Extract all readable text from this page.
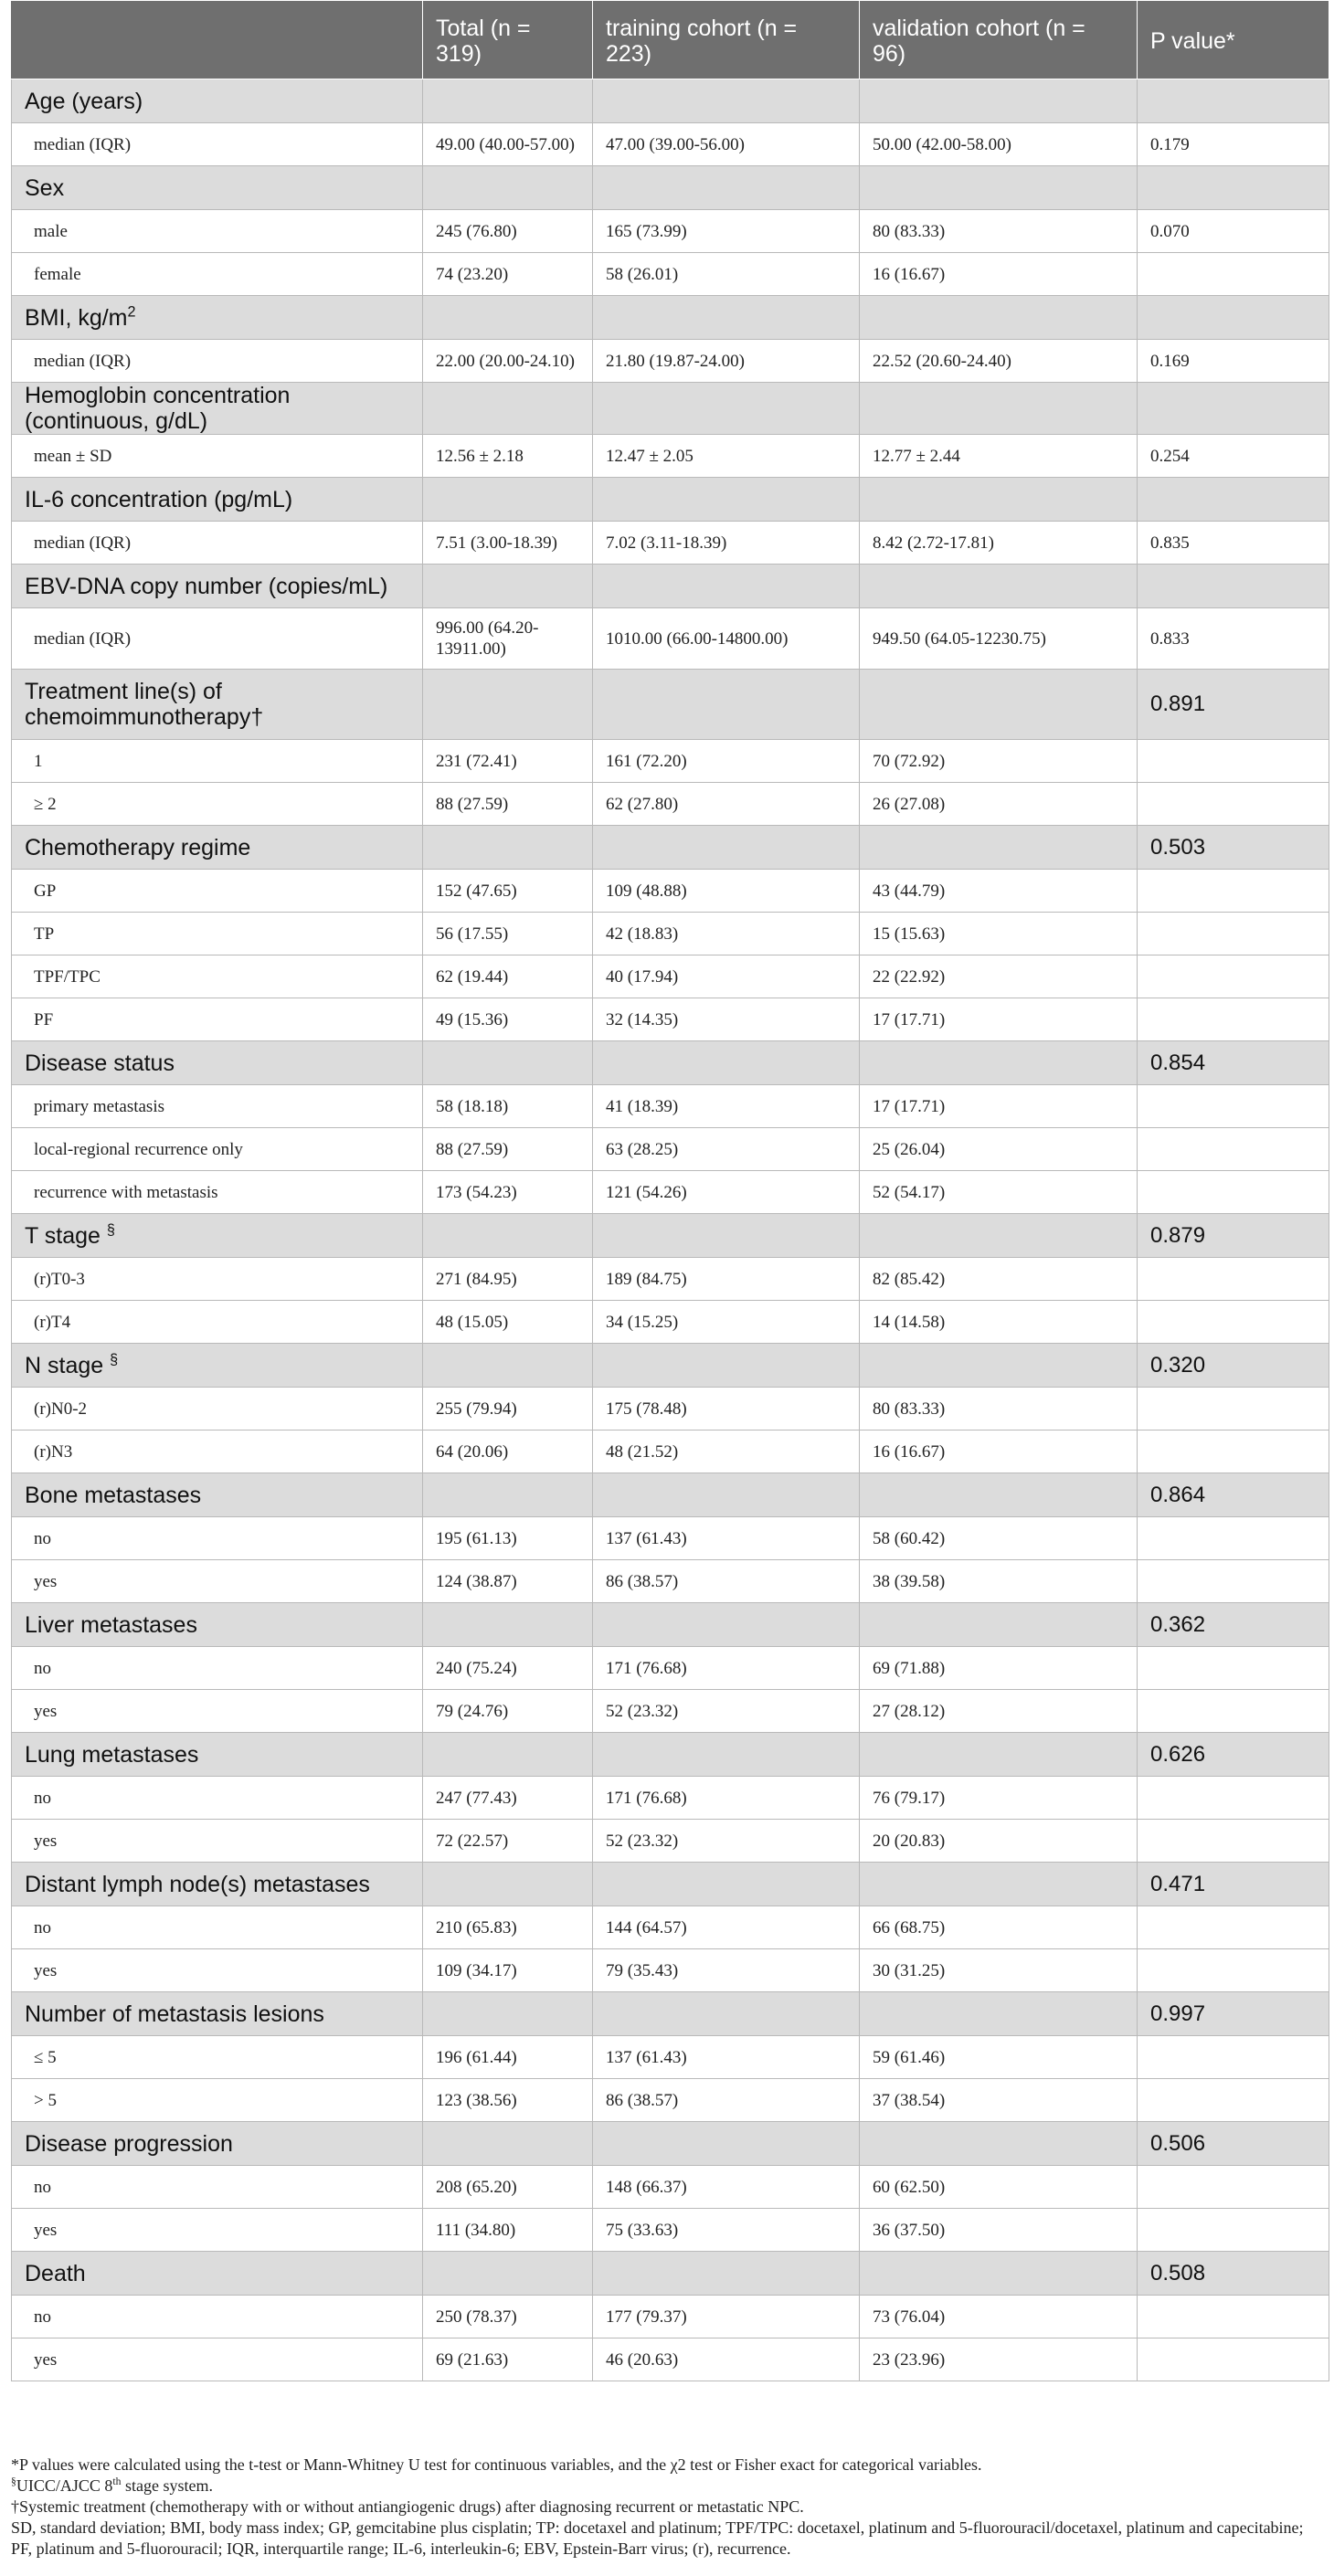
	Total (n = 319)	training cohort (n = 223)	validation cohort (n = 96)	P value*
Age (years)				
median (IQR)	49.00 (40.00-57.00)	47.00 (39.00-56.00)	50.00 (42.00-58.00)	0.179
Sex				
male	245 (76.80)	165 (73.99)	80 (83.33)	0.070
female	74 (23.20)	58 (26.01)	16 (16.67)	
BMI, $kg/m^2$				
median (IQR)	22.00 (20.00-24.10)	21.80 (19.87-24.00)	22.52 (20.60-24.40)	0.169
Hemoglobin concentration (continuous, g/dL)				
mean ± SD	12.56 ± 2.18	12.47 ± 2.05	12.77 ± 2.44	0.254
IL-6 concentration (pg/mL)				
median (IQR)	7.51 (3.00-18.39)	7.02 (3.11-18.39)	8.42 (2.72-17.81)	0.835
EBV-DNA copy number (copies/mL)				
median (IQR)	996.00 (64.20-13911.00)	1010.00 (66.00-14800.00)	949.50 (64.05-12230.75)	0.833
Treatment line(s) of chemoimmunotherapy†				0.891
1	231 (72.41)	161 (72.20)	70 (72.92)	
≥ 2	88 (27.59)	62 (27.80)	26 (27.08)	
Chemotherapy regime				0.503
GP	152 (47.65)	109 (48.88)	43 (44.79)	
TP	56 (17.55)	42 (18.83)	15 (15.63)	
TPF/TPC	62 (19.44)	40 (17.94)	22 (22.92)	
PF	49 (15.36)	32 (14.35)	17 (17.71)	
Disease status				0.854
primary metastasis	58 (18.18)	41 (18.39)	17 (17.71)	
local-regional recurrence only	88 (27.59)	63 (28.25)	25 (26.04)	
recurrence with metastasis	173 (54.23)	121 (54.26)	52 (54.17)	
T stage §				0.879
(r)T0-3	271 (84.95)	189 (84.75)	82 (85.42)	
(r)T4	48 (15.05)	34 (15.25)	14 (14.58)	
N stage §				0.320
(r)N0-2	255 (79.94)	175 (78.48)	80 (83.33)	
(r)N3	64 (20.06)	48 (21.52)	16 (16.67)	
Bone metastases				0.864
no	195 (61.13)	137 (61.43)	58 (60.42)	
yes	124 (38.87)	86 (38.57)	38 (39.58)	
Liver metastases				0.362
no	240 (75.24)	171 (76.68)	69 (71.88)	
yes	79 (24.76)	52 (23.32)	27 (28.12)	
Lung metastases				0.626
no	247 (77.43)	171 (76.68)	76 (79.17)	
yes	72 (22.57)	52 (23.32)	20 (20.83)	
Distant lymph node(s) metastases				0.471
no	210 (65.83)	144 (64.57)	66 (68.75)	
yes	109 (34.17)	79 (35.43)	30 (31.25)	
Number of metastasis lesions				0.997
≤ 5	196 (61.44)	137 (61.43)	59 (61.46)	
> 5	123 (38.56)	86 (38.57)	37 (38.54)	
Disease progression				0.506
no	208 (65.20)	148 (66.37)	60 (62.50)	
yes	111 (34.80)	75 (33.63)	36 (37.50)	
Death				0.508
no	250 (78.37)	177 (79.37)	73 (76.04)	
yes	69 (21.63)	46 (20.63)	23 (23.96)	

*P values were calculated using the t-test or Mann-Whitney U test for continuous variables, and the χ2 test or Fisher exact for categorical variables.

§UICC/AJCC 8th stage system.

†Systemic treatment (chemotherapy with or without antiangiogenic drugs) after diagnosing recurrent or metastatic NPC.

SD, standard deviation; BMI, body mass index; GP, gemcitabine plus cisplatin; TP: docetaxel and platinum; TPF/TPC: docetaxel, platinum and 5-fluorouracil/docetaxel, platinum and capecitabine; PF, platinum and 5-fluorouracil; IQR, interquartile range; IL-6, interleukin-6; EBV, Epstein-Barr virus; (r), recurrence.
